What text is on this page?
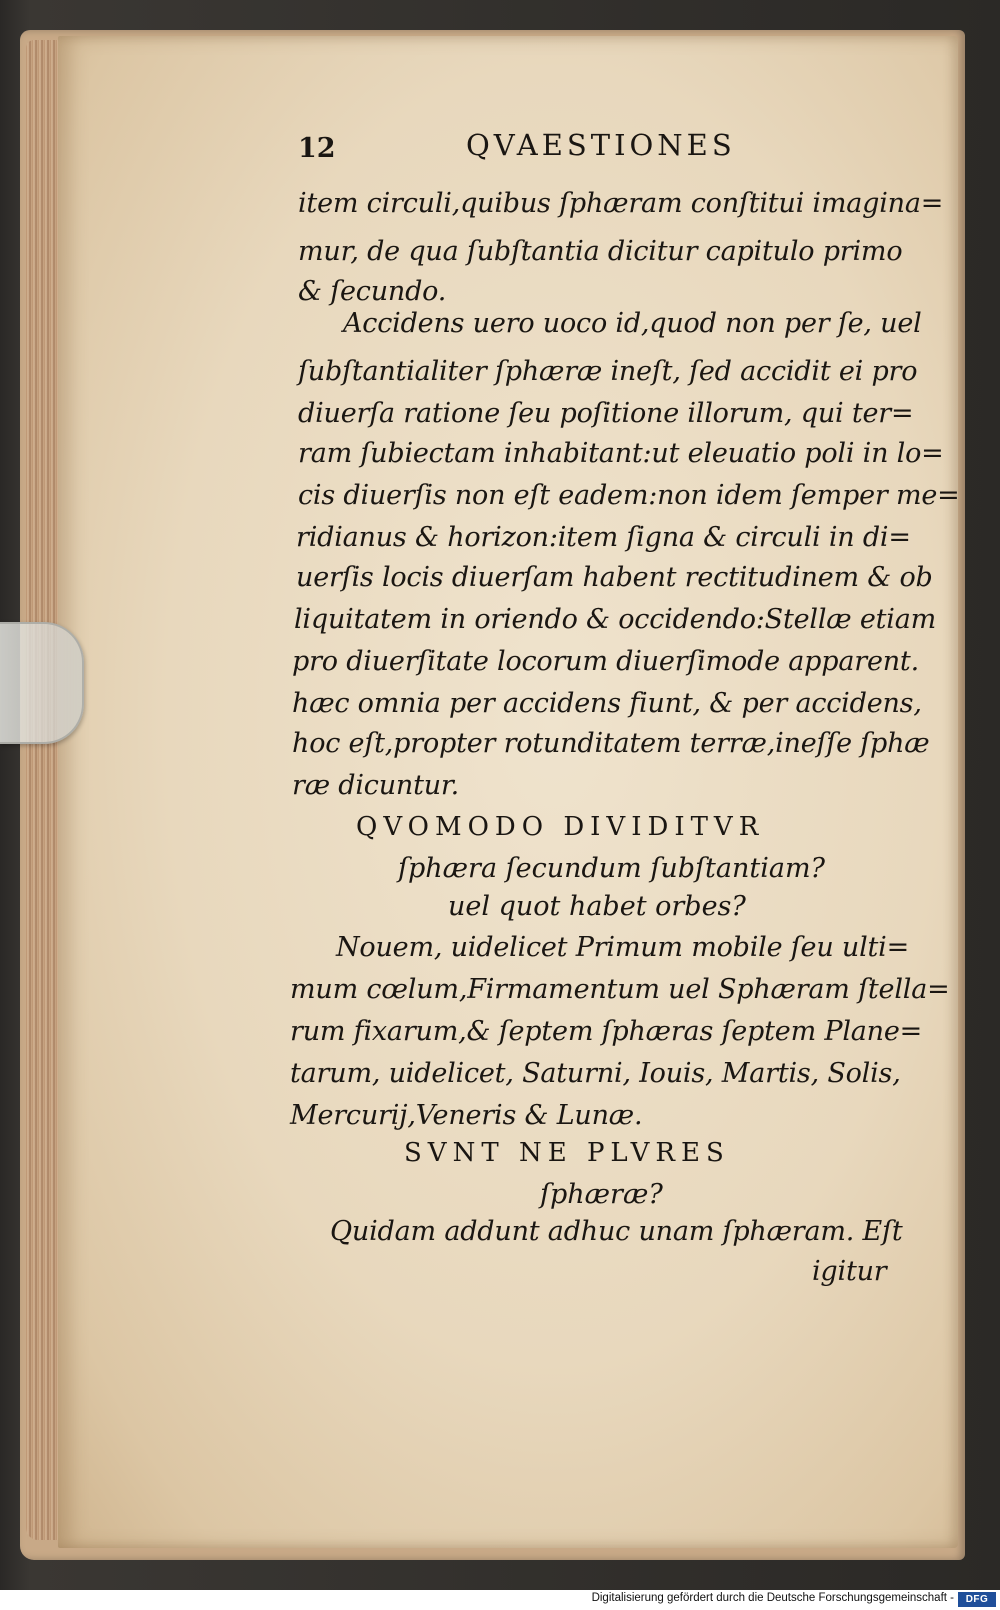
12	QVAESTIONES
item circuli,quibus ſphæram conſtitui imagina=
mur, de qua ſubſtantia dicitur capitulo primo
& ſecundo.
Accidens uero uoco id,quod non per ſe, uel
ſubſtantialiter ſphæræ ineſt, ſed accidit ei pro
diuerſa ratione ſeu poſitione illorum, qui ter=
ram ſubiectam inhabitant:ut eleuatio poli in lo=
cis diuerſis non eſt eadem:non idem ſemper me=
ridianus & horizon:item ſigna & circuli in di=
uerſis locis diuerſam habent rectitudinem & ob
liquitatem in oriendo & occidendo:Stellæ etiam
pro diuerſitate locorum diuerſimode apparent.
hæc omnia per accidens fiunt, & per accidens,
hoc eſt,propter rotunditatem terræ,ineſſe ſphæ
ræ dicuntur.
QVOMODO DIVIDITVR
ſphæra ſecundum ſubſtantiam?
uel quot habet orbes?
Nouem, uidelicet Primum mobile ſeu ulti=
mum cœlum,Firmamentum uel Sphæram ſtella=
rum fixarum,& ſeptem ſphæras ſeptem Plane=
tarum, uidelicet, Saturni, Iouis, Martis, Solis,
Mercurij,Veneris & Lunæ.
SVNT NE PLVRES
ſphæræ?
Quidam addunt adhuc unam ſphæram. Eſt
igitur
Digitalisierung gefördert durch die Deutsche Forschungsgemeinschaft -	DFG
